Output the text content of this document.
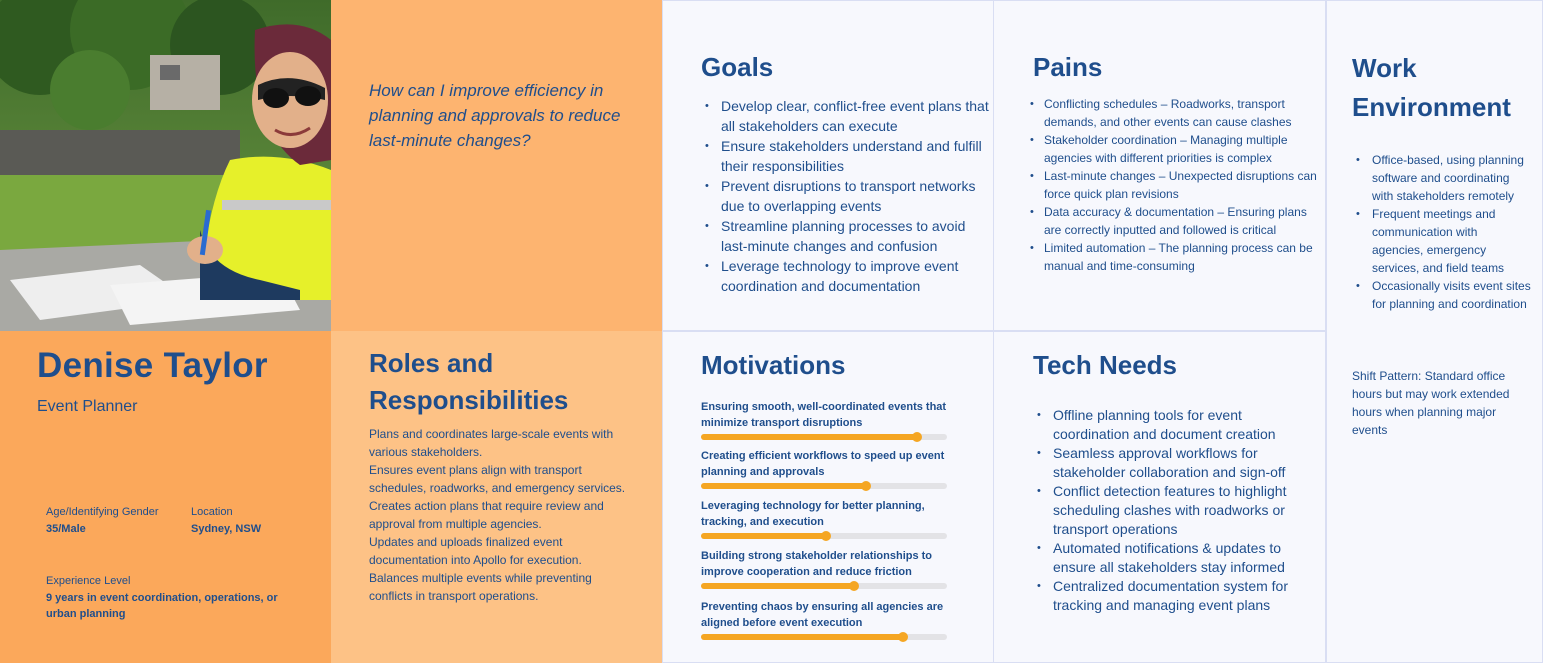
How can I improve efficiency in planning and approvals to reduce last-minute changes?

Denise Taylor
Event Planner
Age/Identifying Gender
35/Male
Location
Sydney, NSW
Experience Level
9 years in event coordination, operations, or urban planning
Roles and Responsibilities
Plans and coordinates large-scale events with various stakeholders.
Ensures event plans align with transport schedules, roadworks, and emergency services.
Creates action plans that require review and approval from multiple agencies.
Updates and uploads finalized event documentation into Apollo for execution.
Balances multiple events while preventing conflicts in transport operations.
Goals
• Develop clear, conflict-free event plans that all stakeholders can execute
• Ensure stakeholders understand and fulfill their responsibilities
• Prevent disruptions to transport networks due to overlapping events
• Streamline planning processes to avoid last-minute changes and confusion
• Leverage technology to improve event coordination and documentation
Pains
• Conflicting schedules – Roadworks, transport demands, and other events can cause clashes
• Stakeholder coordination – Managing multiple agencies with different priorities is complex
• Last-minute changes – Unexpected disruptions can force quick plan revisions
• Data accuracy & documentation – Ensuring plans are correctly inputted and followed is critical
• Limited automation – The planning process can be manual and time-consuming
Motivations
Ensuring smooth, well-coordinated events that minimize transport disruptions
Creating efficient workflows to speed up event planning and approvals
Leveraging technology for better planning, tracking, and execution
Building strong stakeholder relationships to improve cooperation and reduce friction
Preventing chaos by ensuring all agencies are aligned before event execution
Tech Needs
• Offline planning tools for event coordination and document creation
• Seamless approval workflows for stakeholder collaboration and sign-off
• Conflict detection features to highlight scheduling clashes with roadworks or transport operations
• Automated notifications & updates to ensure all stakeholders stay informed
• Centralized documentation system for tracking and managing event plans
Work Environment
• Office-based, using planning software and coordinating with stakeholders remotely
• Frequent meetings and communication with agencies, emergency services, and field teams
• Occasionally visits event sites for planning and coordination

Shift Pattern: Standard office hours but may work extended hours when planning major events
